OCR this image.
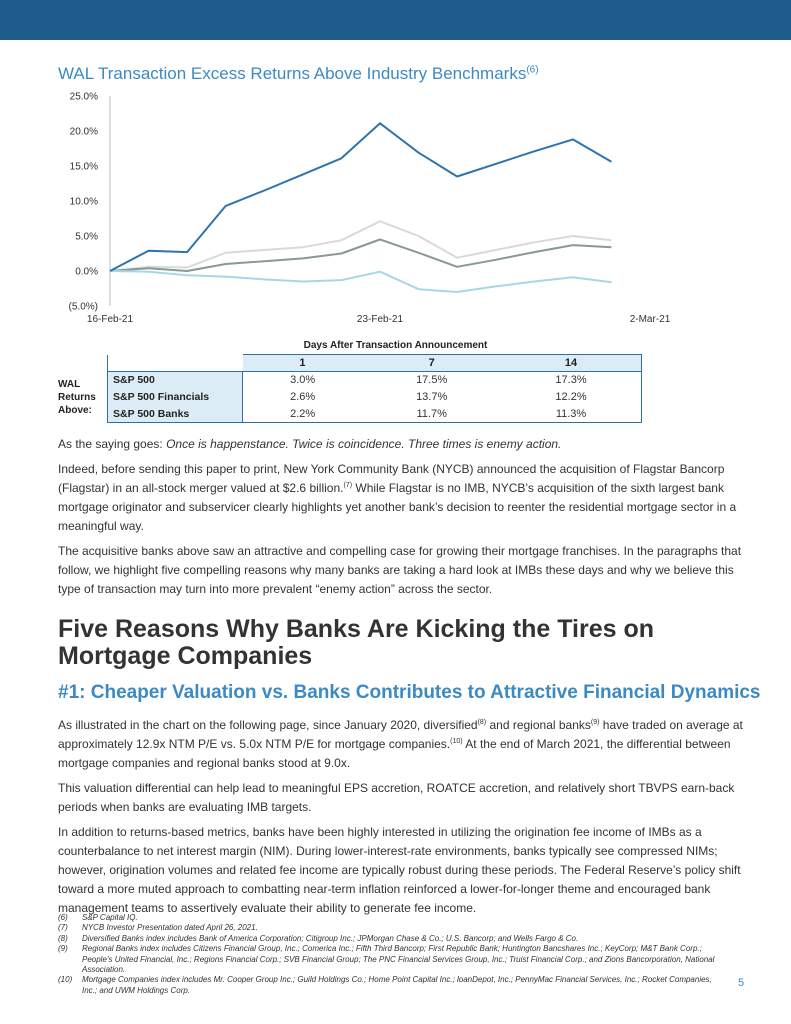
WAL Transaction Excess Returns Above Industry Benchmarks$^{(6)}$
25.0%
20.0%
15.0%
10.0%
5.0%
0.0%
(5.0%)
16-Feb-21	23-Feb-21	2-Mar-21
Days After Transaction Announcement
WAL
Returns
Above:
	1	7	14
S&P 500	3.0%	17.5%	17.3%
S&P 500 Financials	2.6%	13.7%	12.2%
S&P 500 Banks	2.2%	11.7%	11.3%

As the saying goes: Once is happenstance. Twice is coincidence. Three times is enemy action.

Indeed, before sending this paper to print, New York Community Bank (NYCB) announced the acquisition of Flagstar Bancorp (Flagstar) in an all-stock merger valued at $2.6 billion.$^{(7)}$ While Flagstar is no IMB, NYCB’s acquisition of the sixth largest bank mortgage originator and subservicer clearly highlights yet another bank’s decision to reenter the residential mortgage sector in a meaningful way.

The acquisitive banks above saw an attractive and compelling case for growing their mortgage franchises. In the paragraphs that follow, we highlight five compelling reasons why many banks are taking a hard look at IMBs these days and why we believe this type of transaction may turn into more prevalent “enemy action” across the sector.

Five Reasons Why Banks Are Kicking the Tires on Mortgage Companies
#1: Cheaper Valuation vs. Banks Contributes to Attractive Financial Dynamics

As illustrated in the chart on the following page, since January 2020, diversified$^{(8)}$ and regional banks$^{(9)}$ have traded on average at approximately 12.9x NTM P/E vs. 5.0x NTM P/E for mortgage companies.$^{(10)}$ At the end of March 2021, the differential between mortgage companies and regional banks stood at 9.0x.

This valuation differential can help lead to meaningful EPS accretion, ROATCE accretion, and relatively short TBVPS earn-back periods when banks are evaluating IMB targets.

In addition to returns-based metrics, banks have been highly interested in utilizing the origination fee income of IMBs as a counterbalance to net interest margin (NIM). During lower-interest-rate environments, banks typically see compressed NIMs; however, origination volumes and related fee income are typically robust during these periods. The Federal Reserve’s policy shift toward a more muted approach to combatting near-term inflation reinforced a lower-for-longer theme and encouraged bank management teams to assertively evaluate their ability to generate fee income.

(6)	S&P Capital IQ.
(7)	NYCB Investor Presentation dated April 26, 2021.
(8)	Diversified Banks index includes Bank of America Corporation; Citigroup Inc.; JPMorgan Chase & Co.; U.S. Bancorp; and Wells Fargo & Co.
(9)	Regional Banks index includes Citizens Financial Group, Inc.; Comerica Inc.; Fifth Third Bancorp; First Republic Bank; Huntington Bancshares Inc.; KeyCorp; M&T Bank Corp.; People’s United Financial, Inc.; Regions Financial Corp.; SVB Financial Group; The PNC Financial Services Group, Inc.; Truist Financial Corp.; and Zions Bancorporation, National Association.
(10)	Mortgage Companies index includes Mr. Cooper Group Inc.; Guild Holdings Co.; Home Point Capital Inc.; loanDepot, Inc.; PennyMac Financial Services, Inc.; Rocket Companies, Inc.; and UWM Holdings Corp.
5
